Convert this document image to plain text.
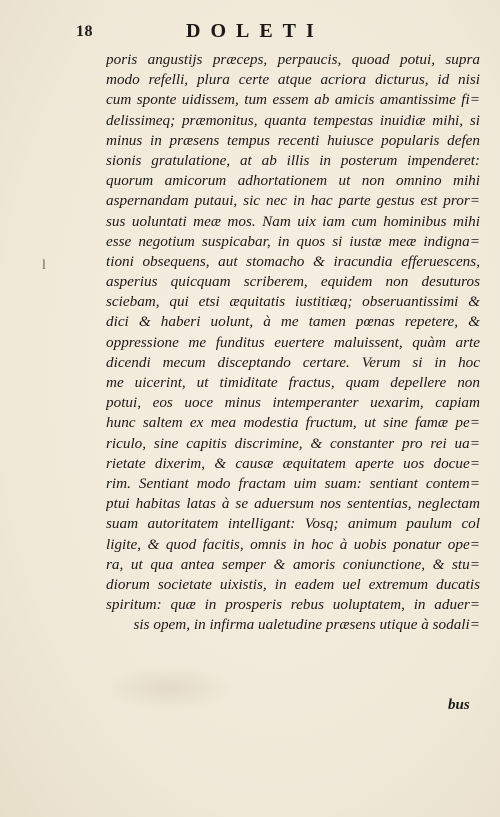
18	DOLETI
l
poris angustijs præceps, perpaucis, quoad potui, supra
modo refelli, plura certe atque acriora dicturus, id nisi
cum sponte uidissem, tum essem ab amicis amantissime fi=
delissimeq; præmonitus, quanta tempestas inuidiæ mihi, si
minus in præsens tempus recenti huiusce popularis defen
sionis gratulatione, at ab illis in posterum impenderet:
quorum amicorum adhortationem ut non omnino mihi
aspernandam putaui, sic nec in hac parte gestus est pror=
sus uoluntati meæ mos. Nam uix iam cum hominibus mihi
esse negotium suspicabar, in quos si iustæ meæ indigna=
tioni obsequens, aut stomacho & iracundia efferuescens,
asperius quicquam scriberem, equidem non desuturos
sciebam, qui etsi æquitatis iustitiæq; obseruantissimi &
dici & haberi uolunt, à me tamen pœnas repetere, &
oppressione me funditus euertere maluissent, quàm arte
dicendi mecum disceptando certare. Verum si in hoc
me uicerint, ut timiditate fractus, quam depellere non
potui, eos uoce minus intemperanter uexarim, capiam
hunc saltem ex mea modestia fructum, ut sine famæ pe=
riculo, sine capitis discrimine, & constanter pro rei ua=
rietate dixerim, & causæ æquitatem aperte uos docue=
rim. Sentiant modo fractam uim suam: sentiant contem=
ptui habitas latas à se aduersum nos sententias, neglectam
suam autoritatem intelligant: Vosq; animum paulum col
ligite, & quod facitis, omnis in hoc à uobis ponatur ope=
ra, ut qua antea semper & amoris coniunctione, & stu=
diorum societate uixistis, in eadem uel extremum ducatis
spiritum: quæ in prosperis rebus uoluptatem, in aduer=
sis opem, in infirma ualetudine præsens utique à sodali=
bus
